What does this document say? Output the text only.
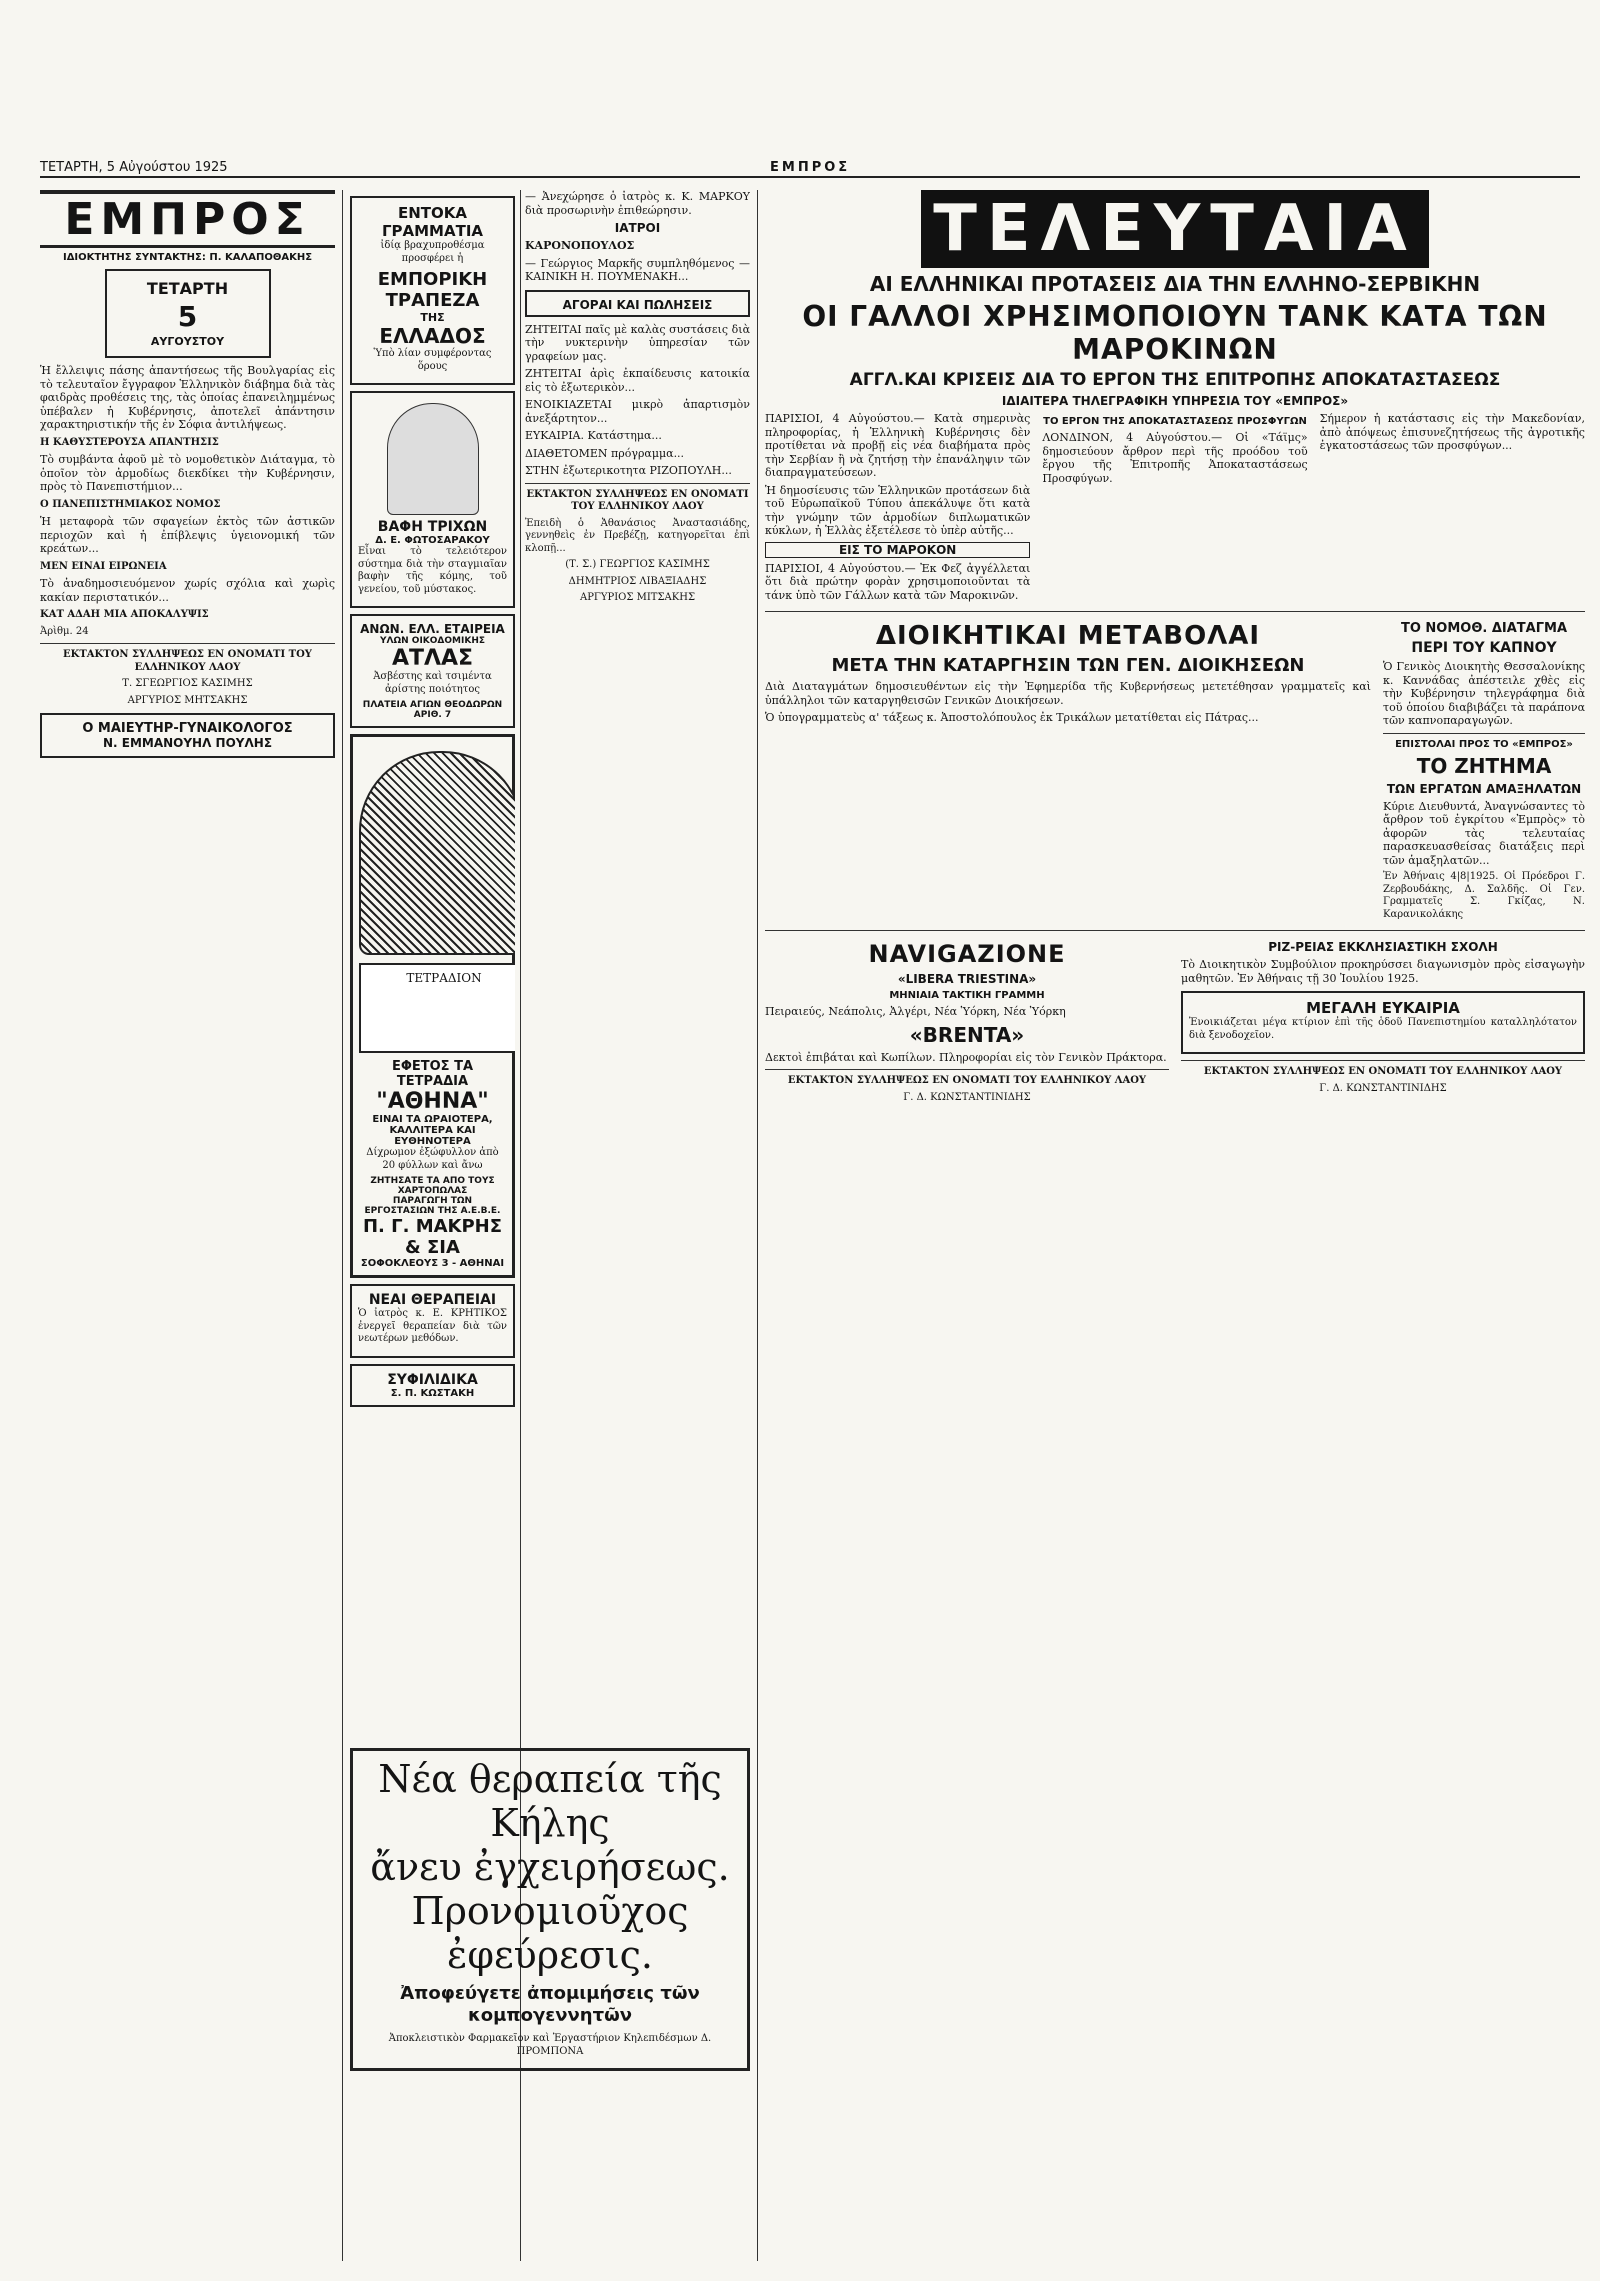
ΤΕΤΑΡΤΗ, 5 Αὐγούστου 1925	ΕΜΠΡΟΣ
ΕΜΠΡΟΣ
ΙΔΙΟΚΤΗΤΗΣ ΣΥΝΤΑΚΤΗΣ: Π. ΚΑΛΑΠΟΘΑΚΗΣ
ΤΕΤΑΡΤΗ
5
ΑΥΓΟΥΣΤΟΥ

Ἡ ἔλλειψις πάσης ἀπαντήσεως τῆς Βουλγαρίας εἰς τὸ τελευταῖον ἔγγραφον Ἑλληνικὸν διάβημα διὰ τὰς φαιδρὰς προθέσεις της, τὰς ὁποίας ἐπανειλημμένως ὑπέβαλεν ἡ Κυβέρνησις, ἀποτελεῖ ἀπάντησιν χαρακτηριστικήν τῆς ἐν Σόφια ἀντιλήψεως.

Η ΚΑΘΥΣΤΕΡΟΥΣΑ ΑΠΑΝΤΗΣΙΣ

Τὸ συμβάντα ἀφοῦ μὲ τὸ νομοθετικὸν Διάταγμα, τὸ ὁποῖον τὸν ἀρμοδίως διεκδίκει τὴν Κυβέρνησιν, πρὸς τὸ Πανεπιστήμιον...

Ο ΠΑΝΕΠΙΣΤΗΜΙΑΚΟΣ ΝΟΜΟΣ

Ἡ μεταφορὰ τῶν σφαγείων ἐκτὸς τῶν ἀστικῶν περιοχῶν καὶ ἡ ἐπίβλεψις ὑγειονομική τῶν κρεάτων...

ΜΕΝ ΕΙΝΑΙ ΕΙΡΩΝΕΙΑ

Τὸ ἀναδημοσιευόμενον χωρίς σχόλια καὶ χωρὶς κακίαν περιστατικόν...

ΚΑΤ ΑΔΑΗ ΜΙΑ ΑΠΟΚΑΛΥΨΙΣ

Ἀρὶθμ. 24

ΕΚΤΑΚΤΟΝ ΣΥΛΛΗΨΕΩΣ ΕΝ ΟΝΟΜΑΤΙ ΤΟΥ ΕΛΛΗΝΙΚΟΥ ΛΑΟΥ

Τ. ΣΓΕΩΡΓΙΟΣ ΚΑΣΙΜΗΣ

ΑΡΓΥΡΙΟΣ ΜΗΤΣΑΚΗΣ

Ο ΜΑΙΕΥΤΗΡ-ΓΥΝΑΙΚΟΛΟΓΟΣ
Ν. ΕΜΜΑΝΟΥΗΛ ΠΟΥΛΗΣ
ΕΝΤΟΚΑ ΓΡΑΜΜΑΤΙΑ
ἰδίᾳ βραχυπροθέσμα προσφέρει ἡ
ΕΜΠΟΡΙΚΗ ΤΡΑΠΕΖΑ
ΤΗΣ
ΕΛΛΑΔΟΣ
Ὑπὸ λίαν συμφέροντας ὅρους
ΒΑΦΗ ΤΡΙΧΩΝ
Δ. Ε. ΦΩΤΟΣΑΡΑΚΟΥ
Εἶναι τὸ τελειότερον σύστημα διὰ τὴν σταγμιαῖαν βαφὴν τῆς κόμης, τοῦ γενείου, τοῦ μύστακος.
ΑΝΩΝ. ΕΛΛ. ΕΤΑΙΡΕΙΑ
ΥΛΩΝ ΟΙΚΟΔΟΜΙΚΗΣ
ΑΤΛΑΣ
Ἀσβέστης καὶ τσιμέντα ἀρίστης ποιότητος
ΠΛΑΤΕΙΑ ΑΓΙΩΝ ΘΕΟΔΩΡΩΝ ΑΡΙΘ. 7
ΤΕΤΡΑΔΙΟΝ
ΕΦΕΤΟΣ ΤΑ ΤΕΤΡΑΔΙΑ
"ΑΘΗΝΑ"
ΕΙΝΑΙ ΤΑ ΩΡΑΙΟΤΕΡΑ, ΚΑΛΛΙΤΕΡΑ ΚΑΙ ΕΥΘΗΝΟΤΕΡΑ
Δίχρωμον ἐξώφυλλον ἀπὸ 20 φύλλων καὶ ἄνω
ΖΗΤΗΣΑΤΕ ΤΑ ΑΠΟ ΤΟΥΣ ΧΑΡΤΟΠΩΛΑΣ
ΠΑΡΑΓΩΓΗ ΤΩΝ ΕΡΓΟΣΤΑΣΙΩΝ ΤΗΣ Α.Ε.Β.Ε.
Π. Γ. ΜΑΚΡΗΣ & ΣΙΑ
ΣΟΦΟΚΛΕΟΥΣ 3 - ΑΘΗΝΑΙ
ΝΕΑΙ ΘΕΡΑΠΕΙΑΙ
Ὁ ἰατρὸς κ. Ε. ΚΡΗΤΙΚΟΣ ἐνεργεῖ θεραπείαν διὰ τῶν νεωτέρων μεθόδων.
ΣΥΦΙΛΙΔΙΚΑ
Σ. Π. ΚΩΣΤΑΚΗ

— Ἀνεχώρησε ὁ ἰατρὸς κ. Κ. ΜΑΡΚΟΥ διὰ προσωρινὴν ἐπιθεώρησιν.

ΙΑΤΡΟΙ

ΚΑΡΟΝΟΠΟΥΛΟΣ

— Γεώργιος Μαρκῆς συμπληθόμενος — ΚΑΙΝΙΚΗ Η. ΠΟΥΜΕΝΑΚΗ...

ΑΓΟΡΑΙ ΚΑΙ ΠΩΛΗΣΕΙΣ

ΖΗΤΕΙΤΑΙ παῖς μὲ καλὰς συστάσεις διὰ τὴν νυκτερινὴν ὑπηρεσίαν τῶν γραφείων μας.

ΖΗΤΕΙΤΑΙ ἀρὶς ἐκπαίδευσις κατοικία εἰς τὸ ἐξωτερικὸν...

ΕΝΟΙΚΙΑΖΕΤΑΙ μικρὸ ἀπαρτισμὸν ἀνεξάρτητον...

ΕΥΚΑΙΡΙΑ. Κατάστημα...

ΔΙΑΘΕΤΟΜΕΝ πρόγραμμα...

ΣΤΗΝ ἐξωτερικοτητα ΡΙΖΟΠΟΥΛΗ...

ΕΚΤΑΚΤΟΝ ΣΥΛΛΗΨΕΩΣ ΕΝ ΟΝΟΜΑΤΙ ΤΟΥ ΕΛΛΗΝΙΚΟΥ ΛΑΟΥ

Ἐπειδὴ ὁ Ἀθανάσιος Ἀναστασιάδης, γεννηθεὶς ἐν Πρεβέζῃ, κατηγορεῖται ἐπὶ κλοπῇ...

(Τ. Σ.) ΓΕΩΡΓΙΟΣ ΚΑΣΙΜΗΣ

ΔΗΜΗΤΡΙΟΣ ΛΙΒΑΞΙΑΔΗΣ

ΑΡΓΥΡΙΟΣ ΜΙΤΣΑΚΗΣ

Νέα θεραπεία τῆς Κήλης
ἄνευ ἐγχειρήσεως.
Προνομιοῦχος ἐφεύρεσις.
Ἀποφεύγετε ἀπομιμήσεις τῶν κομπογεννητῶν
Ἀποκλειστικὸν Φαρμακεῖον καὶ Ἐργαστήριον Κηλεπιδέσμων Δ. ΠΡΟΜΠΟΝΑ
ΤΕΛΕΥΤΑΙΑ
ΑΙ ΕΛΛΗΝΙΚΑΙ ΠΡΟΤΑΣΕΙΣ ΔΙΑ ΤΗΝ ΕΛΛΗΝΟ-ΣΕΡΒΙΚΗΝ
ΟΙ ΓΑΛΛΟΙ ΧΡΗΣΙΜΟΠΟΙΟΥΝ ΤΑΝΚ ΚΑΤΑ ΤΩΝ ΜΑΡΟΚΙΝΩΝ
ΑΓΓΛ.ΚΑΙ ΚΡΙΣΕΙΣ ΔΙΑ ΤΟ ΕΡΓΟΝ ΤΗΣ ΕΠΙΤΡΟΠΗΣ ΑΠΟΚΑΤΑΣΤΑΣΕΩΣ
ΙΔΙΑΙΤΕΡΑ ΤΗΛΕΓΡΑΦΙΚΗ ΥΠΗΡΕΣΙΑ ΤΟΥ «ΕΜΠΡΟΣ»

ΠΑΡΙΣΙΟΙ, 4 Αὐγούστου.— Κατὰ σημερινὰς πληροφορίας, ἡ Ἑλληνικὴ Κυβέρνησις δὲν προτίθεται νὰ προβῇ εἰς νέα διαβήματα πρὸς τὴν Σερβίαν ἢ νὰ ζητήσῃ τὴν ἐπανάληψιν τῶν διαπραγματεύσεων.

Ἡ δημοσίευσις τῶν Ἑλληνικῶν προτάσεων διὰ τοῦ Εὐρωπαϊκοῦ Τύπου ἀπεκάλυψε ὅτι κατὰ τὴν γνώμην τῶν ἀρμοδίων διπλωματικῶν κύκλων, ἡ Ἑλλὰς ἐξετέλεσε τὸ ὑπὲρ αὐτῆς...

ΕΙΣ ΤΟ ΜΑΡΟΚΟΝ

ΠΑΡΙΣΙΟΙ, 4 Αὐγούστου.— Ἐκ Φεζ ἀγγέλλεται ὅτι διὰ πρώτην φορὰν χρησιμοποιοῦνται τὰ τάνκ ὑπὸ τῶν Γάλλων κατὰ τῶν Μαροκινῶν.

ΤΟ ΕΡΓΟΝ ΤΗΣ ΑΠΟΚΑΤΑΣΤΑΣΕΩΣ ΠΡΟΣΦΥΓΩΝ

ΛΟΝΔΙΝΟΝ, 4 Αὐγούστου.— Οἱ «Τάϊμς» δημοσιεύουν ἄρθρον περὶ τῆς προόδου τοῦ ἔργου τῆς Ἐπιτροπῆς Ἀποκαταστάσεως Προσφύγων.

Σήμερον ἡ κατάστασις εἰς τὴν Μακεδονίαν, ἀπὸ ἀπόψεως ἐπισυνεζητήσεως τῆς ἀγροτικῆς ἐγκατοστάσεως τῶν προσφύγων...

ΔΙΟΙΚΗΤΙΚΑΙ ΜΕΤΑΒΟΛΑΙ
ΜΕΤΑ ΤΗΝ ΚΑΤΑΡΓΗΣΙΝ ΤΩΝ ΓΕΝ. ΔΙΟΙΚΗΣΕΩΝ

Διὰ Διαταγμάτων δημοσιευθέντων εἰς τὴν Ἐφημερίδα τῆς Κυβερνήσεως μετετέθησαν γραμματεῖς καὶ ὑπάλληλοι τῶν καταργηθεισῶν Γενικῶν Διοικήσεων.

Ὁ ὑπογραμματεὺς α' τάξεως κ. Ἀποστολόπουλος ἐκ Τρικάλων μετατίθεται εἰς Πάτρας...

ΤΟ ΝΟΜΟΘ. ΔΙΑΤΑΓΜΑ
ΠΕΡΙ ΤΟΥ ΚΑΠΝΟΥ

Ὁ Γενικὸς Διοικητὴς Θεσσαλονίκης κ. Καννάδας ἀπέστειλε χθὲς εἰς τὴν Κυβέρνησιν τηλεγράφημα διὰ τοῦ ὁποίου διαβιβάζει τὰ παράπονα τῶν καπνοπαραγωγῶν.

ΕΠΙΣΤΟΛΑΙ ΠΡΟΣ ΤΟ «ΕΜΠΡΟΣ»
ΤΟ ΖΗΤΗΜΑ
ΤΩΝ ΕΡΓΑΤΩΝ ΑΜΑΞΗΛΑΤΩΝ

Κύριε Διευθυντά, Ἀναγνώσαντες τὸ ἄρθρον τοῦ ἐγκρίτου «Ἐμπρὸς» τὸ ἀφορῶν τὰς τελευταίας παρασκευασθείσας διατάξεις περὶ τῶν ἁμαξηλατῶν...

Ἐν Ἀθήναις 4|8|1925. Οἱ Πρόεδροι Γ. Ζερβουδάκης, Δ. Σαλδῆς. Οἱ Γεν. Γραμματεῖς Σ. Γκίζας, Ν. Καρανικολάκης

NAVIGAZIONE
«LIBERA TRIESTINA»
ΜΗΝΙΑΙΑ ΤΑΚΤΙΚΗ ΓΡΑΜΜΗ

Πειραιεύς, Νεάπολις, Ἀλγέρι, Νέα Ὑόρκη, Νέα Ὑόρκη

«BRENTA»

Δεκτοὶ ἐπιβάται καὶ Κωπίλων. Πληροφορίαι εἰς τὸν Γενικὸν Πράκτορα.

ΕΚΤΑΚΤΟΝ ΣΥΛΛΗΨΕΩΣ ΕΝ ΟΝΟΜΑΤΙ ΤΟΥ ΕΛΛΗΝΙΚΟΥ ΛΑΟΥ

Γ. Δ. ΚΩΝΣΤΑΝΤΙΝΙΔΗΣ

ΡΙΖ-ΡΕΙΑΣ ΕΚΚΛΗΣΙΑΣΤΙΚΗ ΣΧΟΛΗ

Τὸ Διοικητικὸν Συμβούλιον προκηρύσσει διαγωνισμὸν πρὸς εἰσαγωγὴν μαθητῶν. Ἐν Ἀθήναις τῇ 30 Ἰουλίου 1925.

ΜΕΓΑΛΗ ΕΥΚΑΙΡΙΑ

Ἐνοικιάζεται μέγα κτίριον ἐπὶ τῆς ὁδοῦ Πανεπιστημίου καταλληλότατον διὰ ξενοδοχεῖον.

ΕΚΤΑΚΤΟΝ ΣΥΛΛΗΨΕΩΣ ΕΝ ΟΝΟΜΑΤΙ ΤΟΥ ΕΛΛΗΝΙΚΟΥ ΛΑΟΥ

Γ. Δ. ΚΩΝΣΤΑΝΤΙΝΙΔΗΣ
